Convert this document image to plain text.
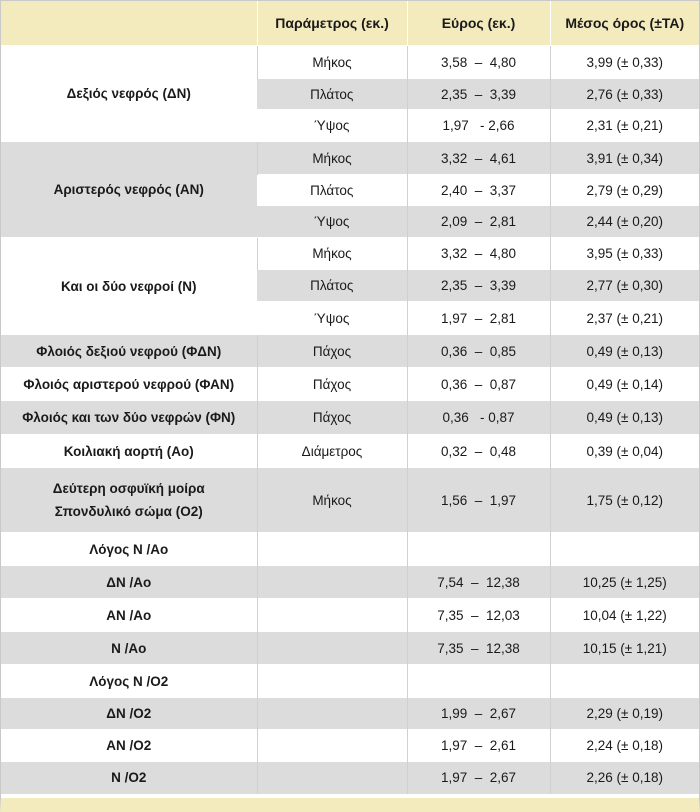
	Παράμετρος (εκ.)	Εύρος (εκ.)	Μέσος όρος (±ΤΑ)
Δεξιός νεφρός (ΔΝ)	Μήκος	3,58  –  4,80	3,99 (± 0,33)
	Πλάτος	2,35  –  3,39	2,76 (± 0,33)
	Ύψος	1,97   - 2,66	2,31 (± 0,21)
Αριστερός νεφρός (ΑΝ)	Μήκος	3,32  –  4,61	3,91 (± 0,34)
	Πλάτος	2,40  –  3,37	2,79 (± 0,29)
	Ύψος	2,09  –  2,81	2,44 (± 0,20)
Και οι δύο νεφροί (Ν)	Μήκος	3,32  –  4,80	3,95 (± 0,33)
	Πλάτος	2,35  –  3,39	2,77 (± 0,30)
	Ύψος	1,97  –  2,81	2,37 (± 0,21)
Φλοιός δεξιού νεφρού (ΦΔΝ)	Πάχος	0,36  –  0,85	0,49 (± 0,13)
Φλοιός αριστερού νεφρού (ΦΑΝ)	Πάχος	0,36  –  0,87	0,49 (± 0,14)
Φλοιός και των δύο νεφρών (ΦΝ)	Πάχος	0,36   - 0,87	0,49 (± 0,13)
Κοιλιακή αορτή (Αο)	Διάμετρος	0,32  –  0,48	0,39 (± 0,04)
Δεύτερη οσφυϊκή μοίρα
Σπονδυλικό σώμα (Ο2)	Μήκος	1,56  –  1,97	1,75 (± 0,12)
Λόγος Ν /Αο			
ΔΝ /Αο		7,54  –  12,38	10,25 (± 1,25)
ΑΝ /Αο		7,35  –  12,03	10,04 (± 1,22)
Ν /Αο		7,35  –  12,38	10,15 (± 1,21)
Λόγος Ν /Ο2			
ΔΝ /Ο2		1,99  –  2,67	2,29 (± 0,19)
ΑΝ /Ο2		1,97  –  2,61	2,24 (± 0,18)
Ν /Ο2		1,97  –  2,67	2,26 (± 0,18)
